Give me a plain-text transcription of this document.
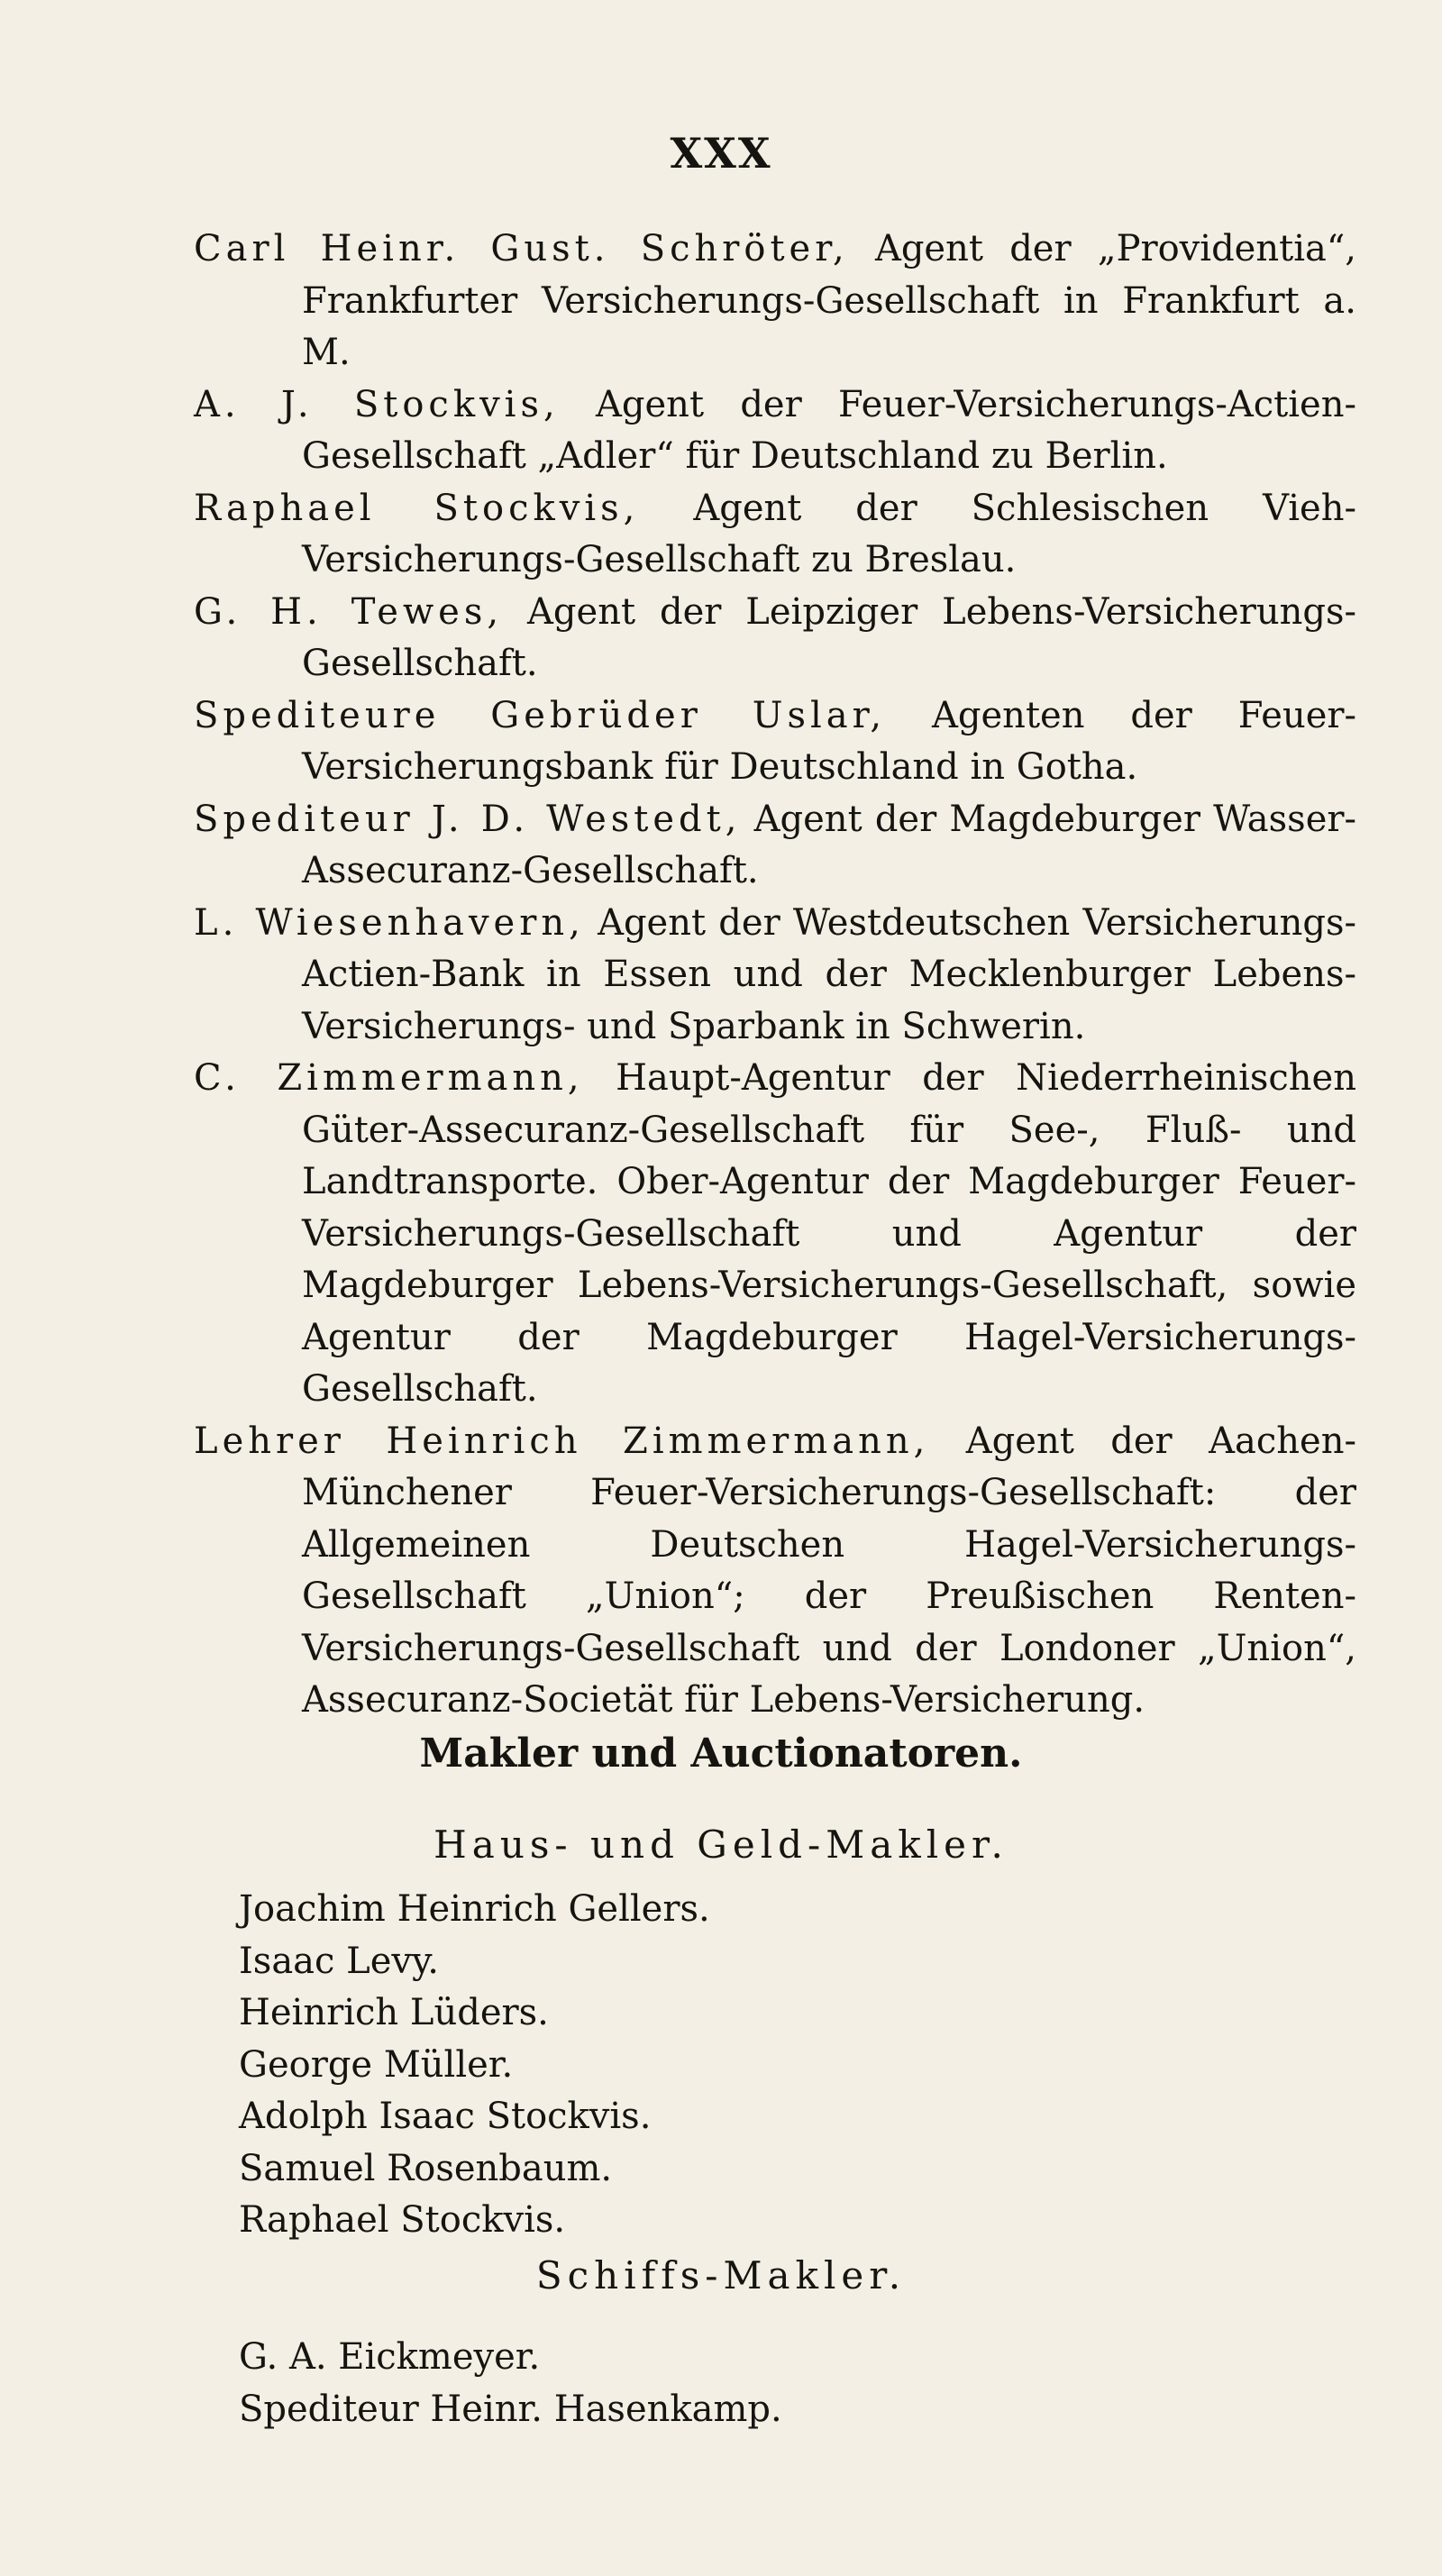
XXX
Carl Heinr. Gust. Schröter, Agent der „Providentia“, Frankfurter Versicherungs-Gesellschaft in Frankfurt a. M.
A. J. Stockvis, Agent der Feuer-Versicherungs-Actien-Gesellschaft „Adler“ für Deutschland zu Berlin.
Raphael Stockvis, Agent der Schlesischen Vieh-Versicherungs-Gesellschaft zu Breslau.
G. H. Tewes, Agent der Leipziger Lebens-Versicherungs-Gesellschaft.
Spediteure Gebrüder Uslar, Agenten der Feuer-Versicherungsbank für Deutschland in Gotha.
Spediteur J. D. Westedt, Agent der Magdeburger Wasser-Assecuranz-Gesellschaft.
L. Wiesenhavern, Agent der Westdeutschen Versicherungs-Actien-Bank in Essen und der Mecklenburger Lebens-Versicherungs- und Sparbank in Schwerin.
C. Zimmermann, Haupt-Agentur der Niederrheinischen Güter-Assecuranz-Gesellschaft für See-, Fluß- und Landtransporte. Ober-Agentur der Magdeburger Feuer-Versicherungs-Gesellschaft und Agentur der Magdeburger Lebens-Versicherungs-Gesellschaft, sowie Agentur der Magdeburger Hagel-Versicherungs-Gesellschaft.
Lehrer Heinrich Zimmermann, Agent der Aachen-Münchener Feuer-Versicherungs-Gesellschaft: der Allgemeinen Deutschen Hagel-Versicherungs-Gesellschaft „Union“; der Preußischen Renten-Versicherungs-Gesellschaft und der Londoner „Union“, Assecuranz-Societät für Lebens-Versicherung.
Makler und Auctionatoren.
Haus- und Geld-Makler.
Joachim Heinrich Gellers.
Isaac Levy.
Heinrich Lüders.
George Müller.
Adolph Isaac Stockvis.
Samuel Rosenbaum.
Raphael Stockvis.
Schiffs-Makler.
G. A. Eickmeyer.
Spediteur Heinr. Hasenkamp.
